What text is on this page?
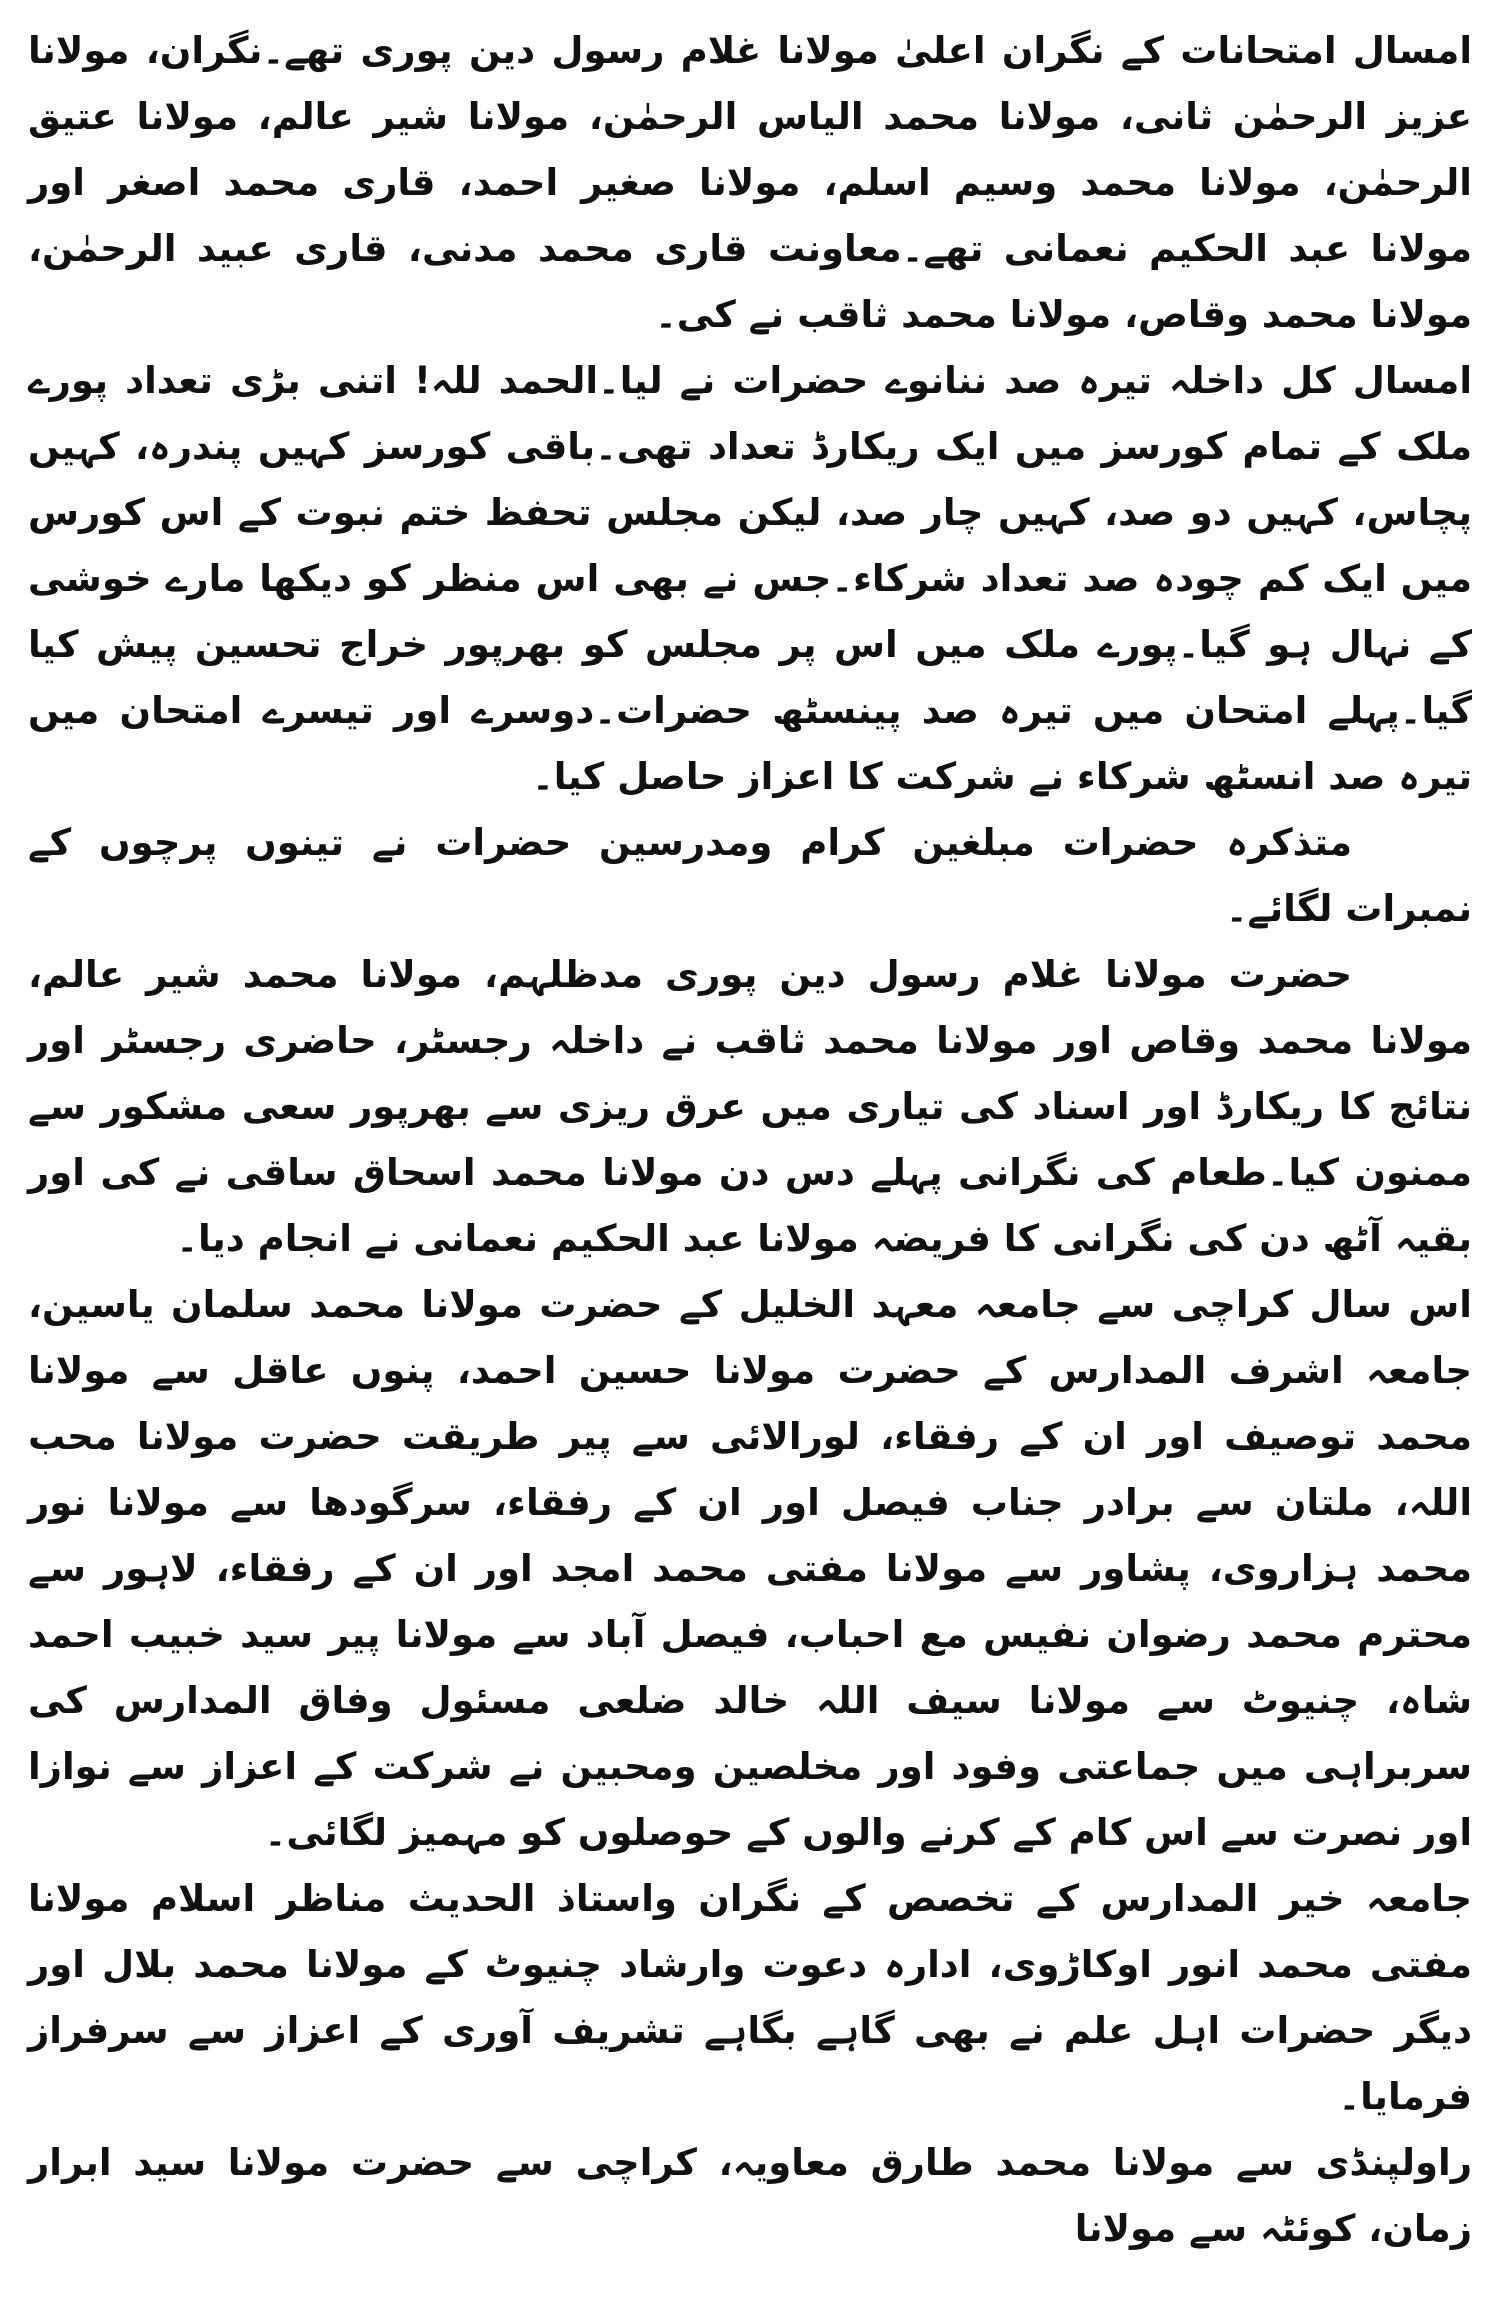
امسال امتحانات کے نگران اعلیٰ مولانا غلام رسول دین پوری تھے۔نگران، مولانا عزیز الرحمٰن ثانی، مولانا محمد الیاس الرحمٰن، مولانا شیر عالم، مولانا عتیق الرحمٰن، مولانا محمد وسیم اسلم، مولانا صغیر احمد، قاری محمد اصغر اور مولانا عبد الحکیم نعمانی تھے۔معاونت قاری محمد مدنی، قاری عبید الرحمٰن، مولانا محمد وقاص، مولانا محمد ثاقب نے کی۔

امسال کل داخلہ تیرہ صد ننانوے حضرات نے لیا۔الحمد للہ! اتنی بڑی تعداد پورے ملک کے تمام کورسز میں ایک ریکارڈ تعداد تھی۔باقی کورسز کہیں پندرہ، کہیں پچاس، کہیں دو صد، کہیں چار صد، لیکن مجلس تحفظ ختم نبوت کے اس کورس میں ایک کم چودہ صد تعداد شرکاء۔جس نے بھی اس منظر کو دیکھا مارے خوشی کے نہال ہو گیا۔پورے ملک میں اس پر مجلس کو بھرپور خراج تحسین پیش کیا گیا۔پہلے امتحان میں تیرہ صد پینسٹھ حضرات۔دوسرے اور تیسرے امتحان میں تیرہ صد انسٹھ شرکاء نے شرکت کا اعزاز حاصل کیا۔

متذکرہ حضرات مبلغین کرام ومدرسین حضرات نے تینوں پرچوں کے نمبرات لگائے۔

حضرت مولانا غلام رسول دین پوری مدظلہم، مولانا محمد شیر عالم، مولانا محمد وقاص اور مولانا محمد ثاقب نے داخلہ رجسٹر، حاضری رجسٹر اور نتائج کا ریکارڈ اور اسناد کی تیاری میں عرق ریزی سے بھرپور سعی مشکور سے ممنون کیا۔طعام کی نگرانی پہلے دس دن مولانا محمد اسحاق ساقی نے کی اور بقیہ آٹھ دن کی نگرانی کا فریضہ مولانا عبد الحکیم نعمانی نے انجام دیا۔

اس سال کراچی سے جامعہ معہد الخلیل کے حضرت مولانا محمد سلمان یاسین، جامعہ اشرف المدارس کے حضرت مولانا حسین احمد، پنوں عاقل سے مولانا محمد توصیف اور ان کے رفقاء، لورالائی سے پیر طریقت حضرت مولانا محب اللہ، ملتان سے برادر جناب فیصل اور ان کے رفقاء، سرگودھا سے مولانا نور محمد ہزاروی، پشاور سے مولانا مفتی محمد امجد اور ان کے رفقاء، لاہور سے محترم محمد رضوان نفیس مع احباب، فیصل آباد سے مولانا پیر سید خبیب احمد شاہ، چنیوٹ سے مولانا سیف اللہ خالد ضلعی مسئول وفاق المدارس کی سربراہی میں جماعتی وفود اور مخلصین ومحبین نے شرکت کے اعزاز سے نوازا اور نصرت سے اس کام کے کرنے والوں کے حوصلوں کو مہمیز لگائی۔

جامعہ خیر المدارس کے تخصص کے نگران واستاذ الحدیث مناظر اسلام مولانا مفتی محمد انور اوکاڑوی، ادارہ دعوت وارشاد چنیوٹ کے مولانا محمد بلال اور دیگر حضرات اہل علم نے بھی گاہے بگاہے تشریف آوری کے اعزاز سے سرفراز فرمایا۔

راولپنڈی سے مولانا محمد طارق معاویہ، کراچی سے حضرت مولانا سید ابرار زمان، کوئٹہ سے مولانا
